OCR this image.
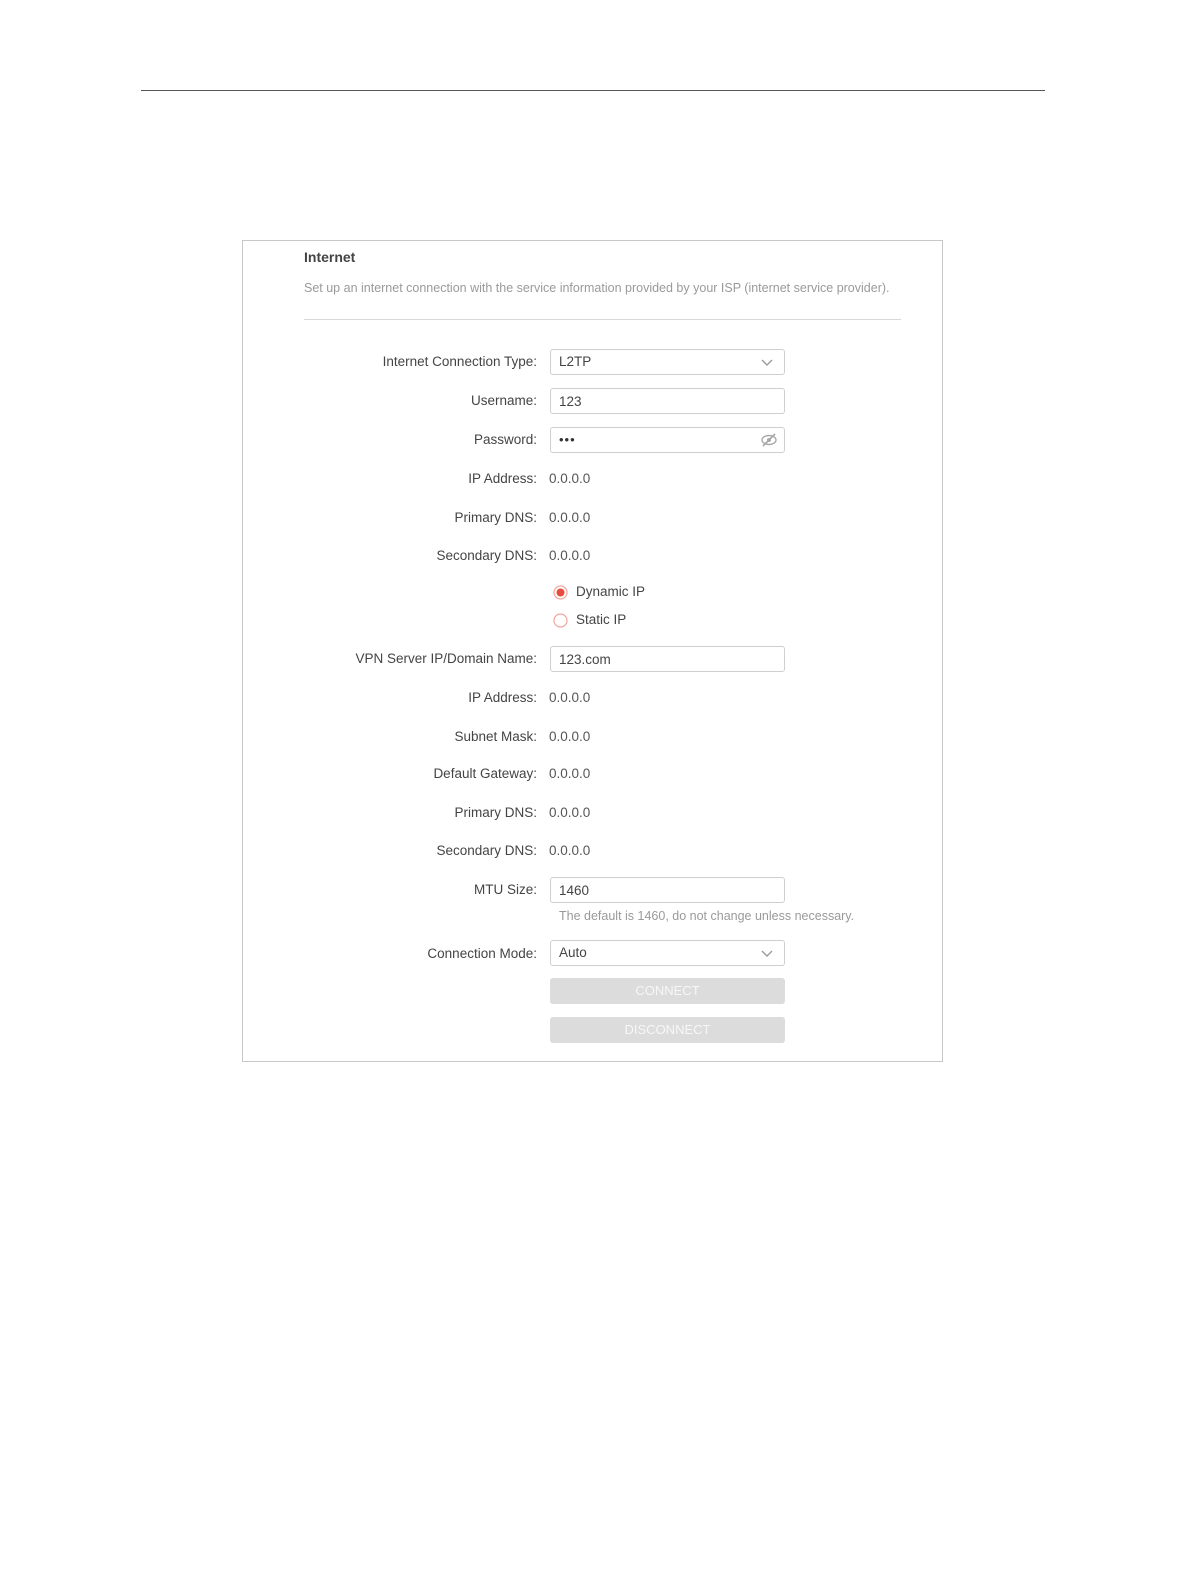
Internet
Set up an internet connection with the service information provided by your ISP (internet service provider).
Internet Connection Type: L2TP
Username:
123
Password: •••
IP Address: 0.0.0.0
Primary DNS: 0.0.0.0
Secondary DNS: 0.0.0.0
Dynamic IP
Static IP
VPN Server IP/Domain Name:
123.com
IP Address: 0.0.0.0
Subnet Mask: 0.0.0.0
Default Gateway: 0.0.0.0
Primary DNS: 0.0.0.0
Secondary DNS: 0.0.0.0
MTU Size:
1460
The default is 1460, do not change unless necessary.
Connection Mode: Auto
CONNECT
DISCONNECT
